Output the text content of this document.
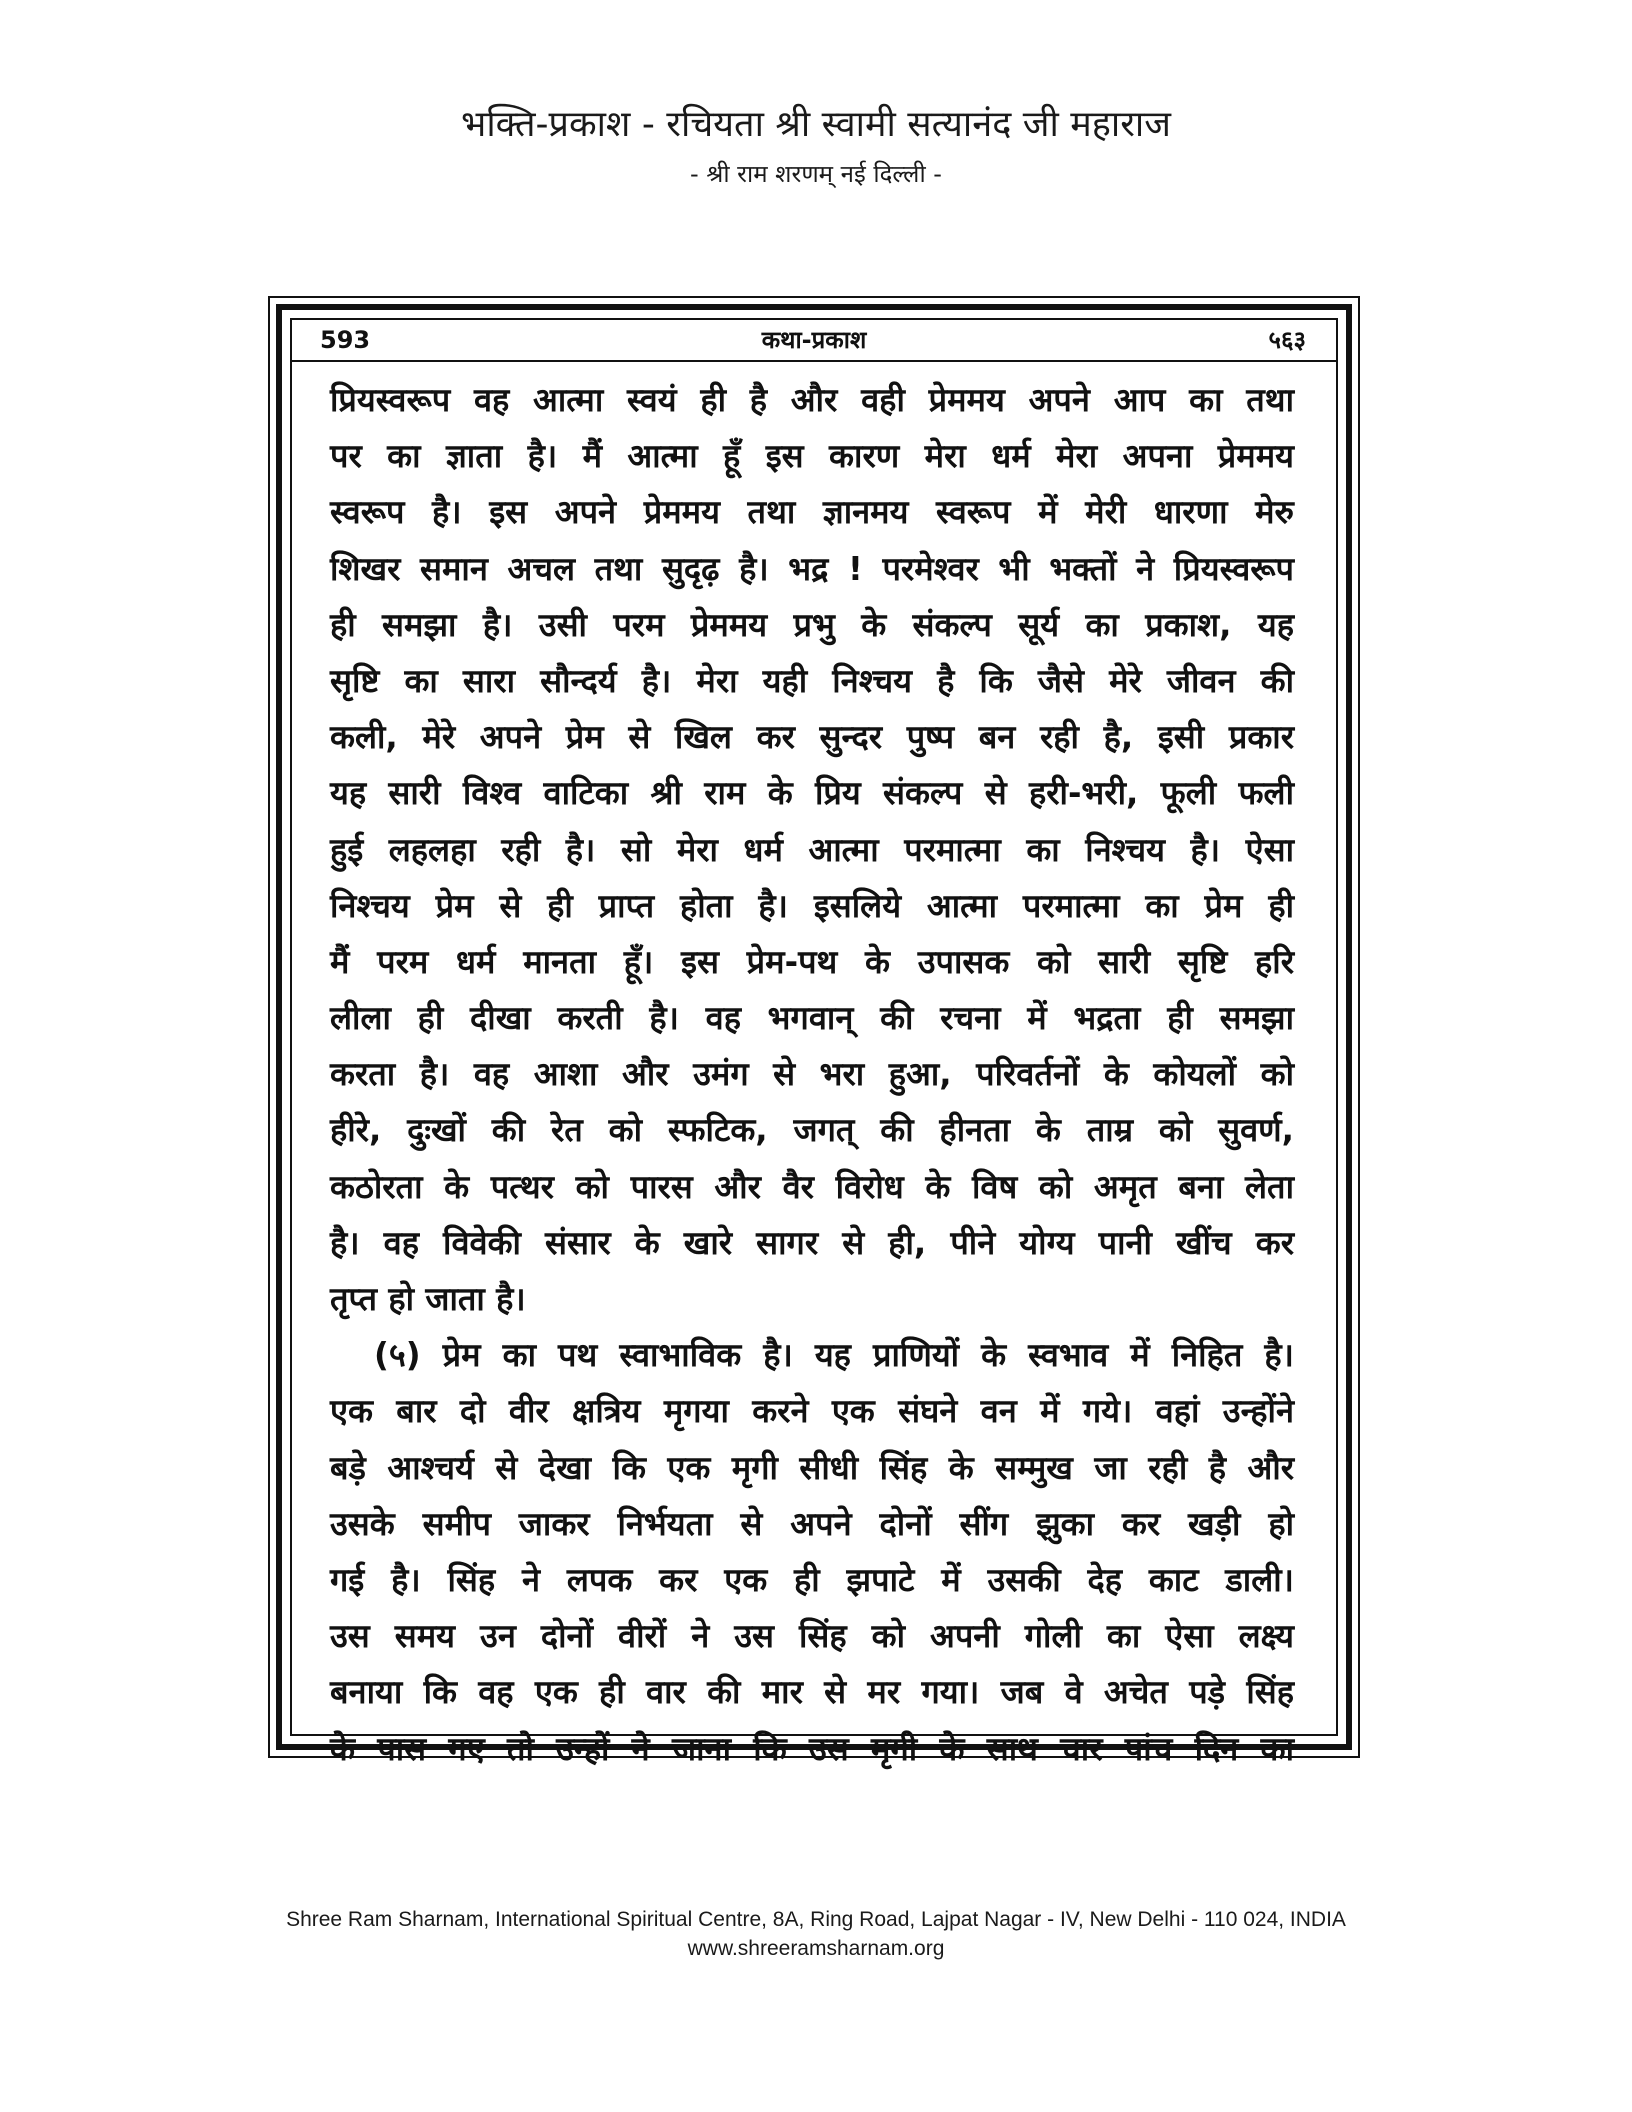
भक्ति-प्रकाश - रचियता श्री स्वामी सत्यानंद जी महाराज
- श्री राम शरणम् नई दिल्ली -
593	कथा-प्रकाश	५६३
प्रियस्वरूप वह आत्मा स्वयं ही है और वही प्रेममय अपने आप का तथा
पर का ज्ञाता है। मैं आत्मा हूँ इस कारण मेरा धर्म मेरा अपना प्रेममय
स्वरूप है। इस अपने प्रेममय तथा ज्ञानमय स्वरूप में मेरी धारणा मेरु
शिखर समान अचल तथा सुदृढ़ है। भद्र ! परमेश्वर भी भक्तों ने प्रियस्वरूप
ही समझा है। उसी परम प्रेममय प्रभु के संकल्प सूर्य का प्रकाश, यह
सृष्टि का सारा सौन्दर्य है। मेरा यही निश्चय है कि जैसे मेरे जीवन की
कली, मेरे अपने प्रेम से खिल कर सुन्दर पुष्प बन रही है, इसी प्रकार
यह सारी विश्व वाटिका श्री राम के प्रिय संकल्प से हरी-भरी, फूली फली
हुई लहलहा रही है। सो मेरा धर्म आत्मा परमात्मा का निश्चय है। ऐसा
निश्चय प्रेम से ही प्राप्त होता है। इसलिये आत्मा परमात्मा का प्रेम ही
मैं परम धर्म मानता हूँ। इस प्रेम-पथ के उपासक को सारी सृष्टि हरि
लीला ही दीखा करती है। वह भगवान् की रचना में भद्रता ही समझा
करता है। वह आशा और उमंग से भरा हुआ, परिवर्तनों के कोयलों को
हीरे, दुःखों की रेत को स्फटिक, जगत् की हीनता के ताम्र को सुवर्ण,
कठोरता के पत्थर को पारस और वैर विरोध के विष को अमृत बना लेता
है। वह विवेकी संसार के खारे सागर से ही, पीने योग्य पानी खींच कर
तृप्त हो जाता है।
(५) प्रेम का पथ स्वाभाविक है। यह प्राणियों के स्वभाव में निहित है।
एक बार दो वीर क्षत्रिय मृगया करने एक संघने वन में गये। वहां उन्होंने
बड़े आश्चर्य से देखा कि एक मृगी सीधी सिंह के सम्मुख जा रही है और
उसके समीप जाकर निर्भयता से अपने दोनों सींग झुका कर खड़ी हो
गई है। सिंह ने लपक कर एक ही झपाटे में उसकी देह काट डाली।
उस समय उन दोनों वीरों ने उस सिंह को अपनी गोली का ऐसा लक्ष्य
बनाया कि वह एक ही वार की मार से मर गया। जब वे अचेत पड़े सिंह
के पास गए तो उन्हों ने जाना कि उस मृगी के साथ चार पांच दिन का
Shree Ram Sharnam, International Spiritual Centre, 8A, Ring Road, Lajpat Nagar - IV, New Delhi - 110 024, INDIA
www.shreeramsharnam.org
